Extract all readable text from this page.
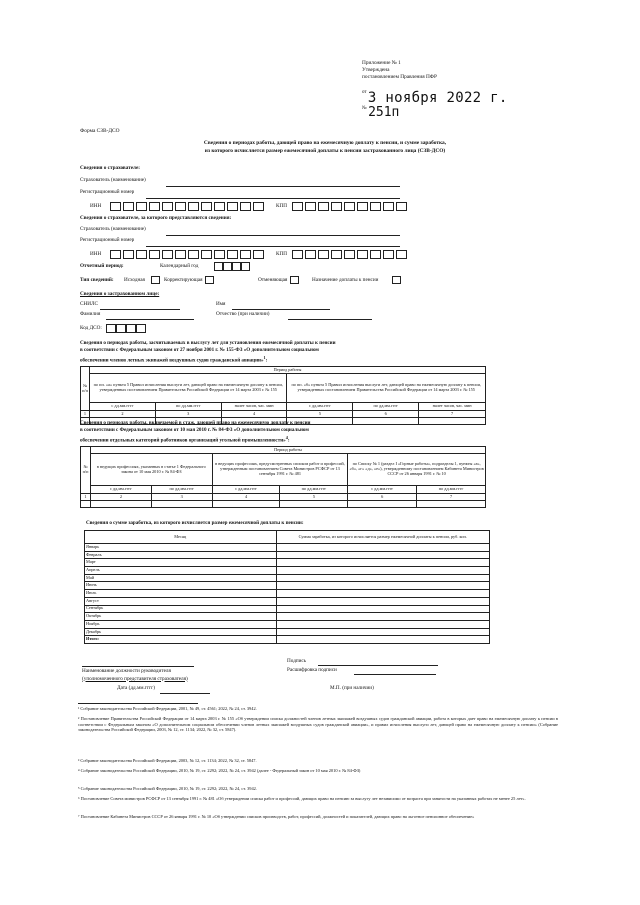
Приложение № 1
Утверждена
постановлением Правления ПФР
от 3 ноября 2022 г.
№ 251п
Форма СЗВ-ДСО
Сведения о периодах работы, дающей право на ежемесячную доплату к пенсии, и сумме заработка,
из которого исчисляется размер ежемесячной доплаты к пенсии застрахованного лица (СЗВ-ДСО)
Сведения о страхователе:
Страхователь (наименование)
Регистрационный номер
ИНН	КПП
Сведения о страхователе, за которого представляются сведения:
Страхователь (наименование)
Регистрационный номер
ИНН	КПП
Отчетный период:	Календарный год
Тип сведений: Исходная	Корректирующая	Отменяющая	Назначение доплаты к пенсии
Сведения о застрахованном лице:
СНИЛС	Имя
Фамилия	Отчество (при наличии)
Код ДСО:
Сведения о периодах работы, засчитываемых в выслугу лет для установления ежемесячной доплаты к пенсии
в соответствии с Федеральным законом от 27 ноября 2001 г. № 155-ФЗ «О дополнительном социальном
обеспечении членов летных экипажей воздушных судов гражданской авиации»$^1$:
№ п/п	Период работы					
	по пп. «а» пункта 5 Правил исчисления выслуги лет, дающей право на ежемесячную доплату к пенсии, утвержденных постановлением Правительства Российской Федерации от 14 марта 2003 г. № 155			по пп. «б» пункта 5 Правил исчисления выслуги лет, дающей право на ежемесячную доплату к пенсии, утвержденных постановлением Правительства Российской Федерации от 14 марта 2003 г. № 155		
	с дд.мм.гггг	по дд.мм.гггг	налет часов, час. мин	с дд.мм.гггг	по дд.мм.гггг	налет часов, час. мин
1	2	3	4	5	6	7

Сведения о периодах работы, включаемой в стаж, дающей право на ежемесячную доплату к пенсии
в соответствии с Федеральным законом от 10 мая 2010 г. № 84-ФЗ «О дополнительном социальном
обеспечении отдельных категорий работников организаций угольной промышленности»$^4$:
№ п/п	Период работы					
	в ведущих профессиях, указанных в статье 1 Федерального закона от 10 мая 2010 г. № 84-ФЗ		в ведущих профессиях, предусмотренных списком работ и профессий, утвержденным постановлением Совета Министров РСФСР от 13 сентября 1991 г. № 481		по Списку № 1 (раздел I «Горные работы», подразделы 1, пункты «а», «б», «г» «д», «е»), утвержденному постановлением Кабинета Министров СССР от 26 января 1991 г. № 10	
	с дд.мм.гггг	по дд.мм.гггг	с дд.мм.гггг	по дд.мм.гггг	с дд.мм.гггг	по дд.мм.гггг
1	2	3	4	5	6	7

Сведения о сумме заработка, из которого исчисляется размер ежемесячной доплаты к пенсии:
Месяц	Сумма заработка, из которого исчисляется размер ежемесячной доплаты к пенсии, руб. коп.
Январь	
Февраль	
Март	
Апрель	
Май	
Июнь	
Июль	
Август	
Сентябрь	
Октябрь	
Ноябрь	
Декабрь	
Итого:	
Наименование должности руководителя
(уполномоченного представителя страхователя)
Дата (дд.мм.гггг)
Подпись
Расшифровка подписи
М.П. (при наличии)
¹ Собрание законодательства Российской Федерации, 2001, № 49, ст. 4561; 2022, № 24, ст. 3942.
² Постановление Правительства Российской Федерации от 14 марта 2003 г. № 155 «Об утверждении списка должностей членов летных экипажей воздушных судов гражданской авиации, работа в которых дает право на ежемесячную доплату к пенсии в соответствии с Федеральным законом «О дополнительном социальном обеспечении членов летных экипажей воздушных судов гражданской авиации», и правил исчисления выслуги лет, дающей право на ежемесячную доплату к пенсии» (Собрание законодательства Российской Федерации, 2003, № 12, ст. 1134; 2022, № 32, ст. 5847).
³ Собрание законодательства Российской Федерации, 2003, № 12, ст. 1134; 2022, № 32, ст. 5847.
⁴ Собрание законодательства Российской Федерации, 2010, № 19, ст. 2292; 2022, № 24, ст. 3942 (далее - Федеральный закон от 10 мая 2010 г. № 84-ФЗ)
⁵ Собрание законодательства Российской Федерации, 2010, № 19, ст. 2292; 2022, № 24, ст. 3942.
⁶ Постановление Совета министров РСФСР от 13 сентября 1991 г. № 481 «Об утверждении списка работ и профессий, дающих право на пенсию за выслугу лет независимо от возраста при занятости на указанных работах не менее 25 лет».
⁷ Постановление Кабинета Министров СССР от 26 января 1991 г. № 10 «Об утверждении списков производств, работ, профессий, должностей и показателей, дающих право на льготное пенсионное обеспечение»
